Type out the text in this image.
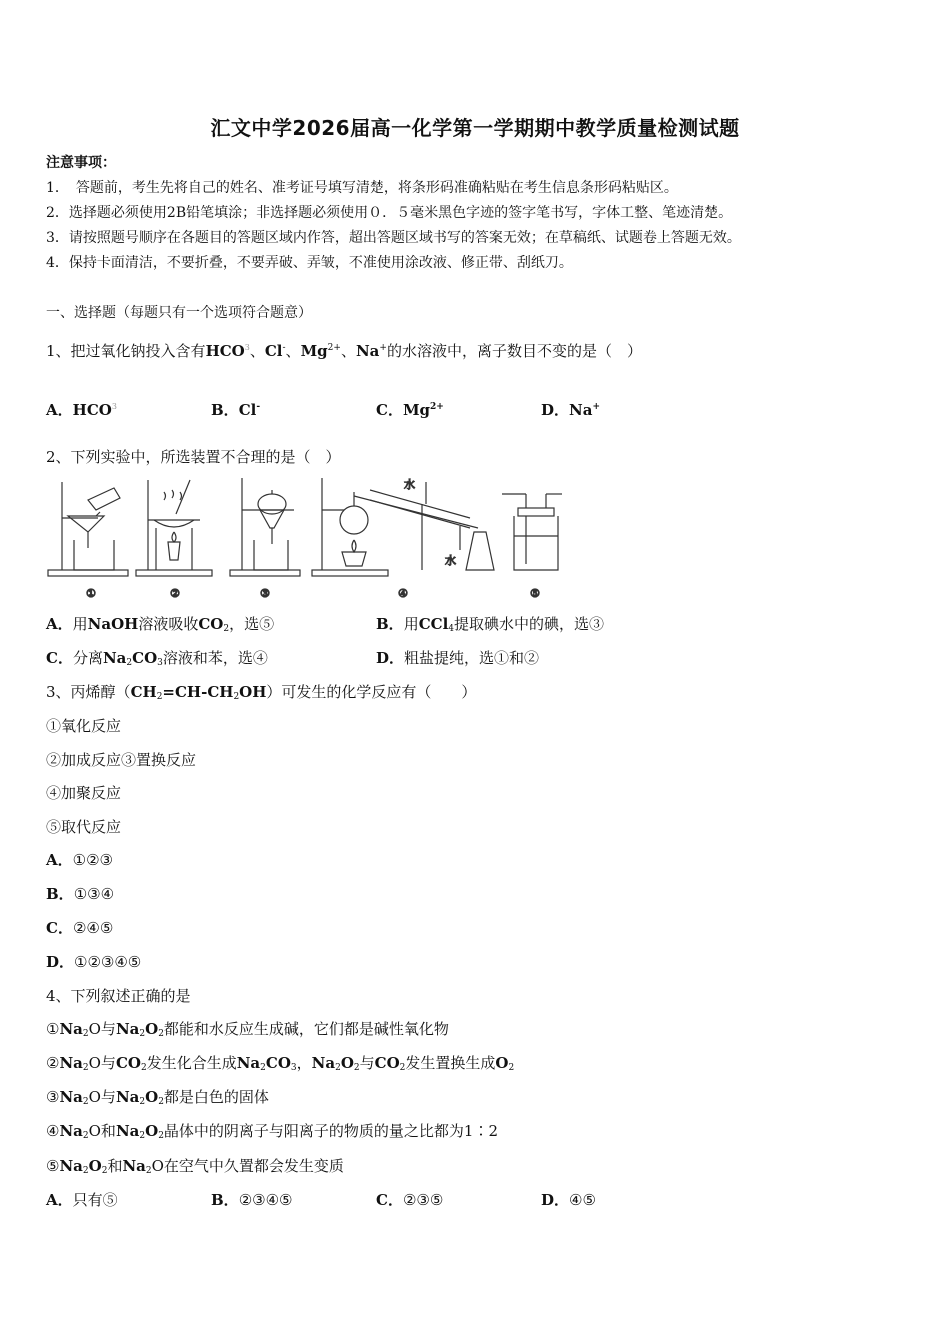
汇文中学2026届高一化学第一学期期中教学质量检测试题
注意事项：
1．　答题前，考生先将自己的姓名、准考证号填写清楚，将条形码准确粘贴在考生信息条形码粘贴区。
2．选择题必须使用2B铅笔填涂；非选择题必须使用０．５毫米黑色字迹的签字笔书写，字体工整、笔迹清楚。
3．请按照题号顺序在各题目的答题区域内作答，超出答题区域书写的答案无效；在草稿纸、试题卷上答题无效。
4．保持卡面清洁，不要折叠，不要弄破、弄皱，不准使用涂改液、修正带、刮纸刀。
一、选择题（每题只有一个选项符合题意）
1、把过氧化钠投入含有HCO$^3$、Cl-、$Mg^{2+}$、Na+的水溶液中，离子数目不变的是（　）
A．HCO$^3$	B．Cl-	C．$Mg^{2+}$	D．Na+
2、下列实验中，所选装置不合理的是（　）
①	②	③
水
水
④	⑤
A．用NaOH溶液吸收$CO_2$，选⑤	B．用CCl$_4$提取碘水中的碘，选③
C．分离$Na_2CO_3$溶液和苯，选④	D．粗盐提纯，选①和②
3、丙烯醇$(CH_2=CH-CH_2OH)$可发生的化学反应有（　　）
①氧化反应
②加成反应③置换反应
④加聚反应
⑤取代反应
A．①②③
B．①③④
C．②④⑤
D．①②③④⑤
4、下列叙述正确的是
$①Na_2O$与$Na_2O_2$都能和水反应生成碱，它们都是碱性氧化物
$②Na_2O$与$CO_2$发生化合生成$Na_2CO_3$，$Na_2O_2$与$CO_2$发生置换生成$O_2$
$③Na_2O$与$Na_2O_2$都是白色的固体
$④Na_2O$和$Na_2O_2$晶体中的阴离子与阳离子的物质的量之比都为1∶2
$⑤Na_2O_2$和$Na_2O$在空气中久置都会发生变质
A．只有⑤	B．②③④⑤	C．②③⑤	D．④⑤
